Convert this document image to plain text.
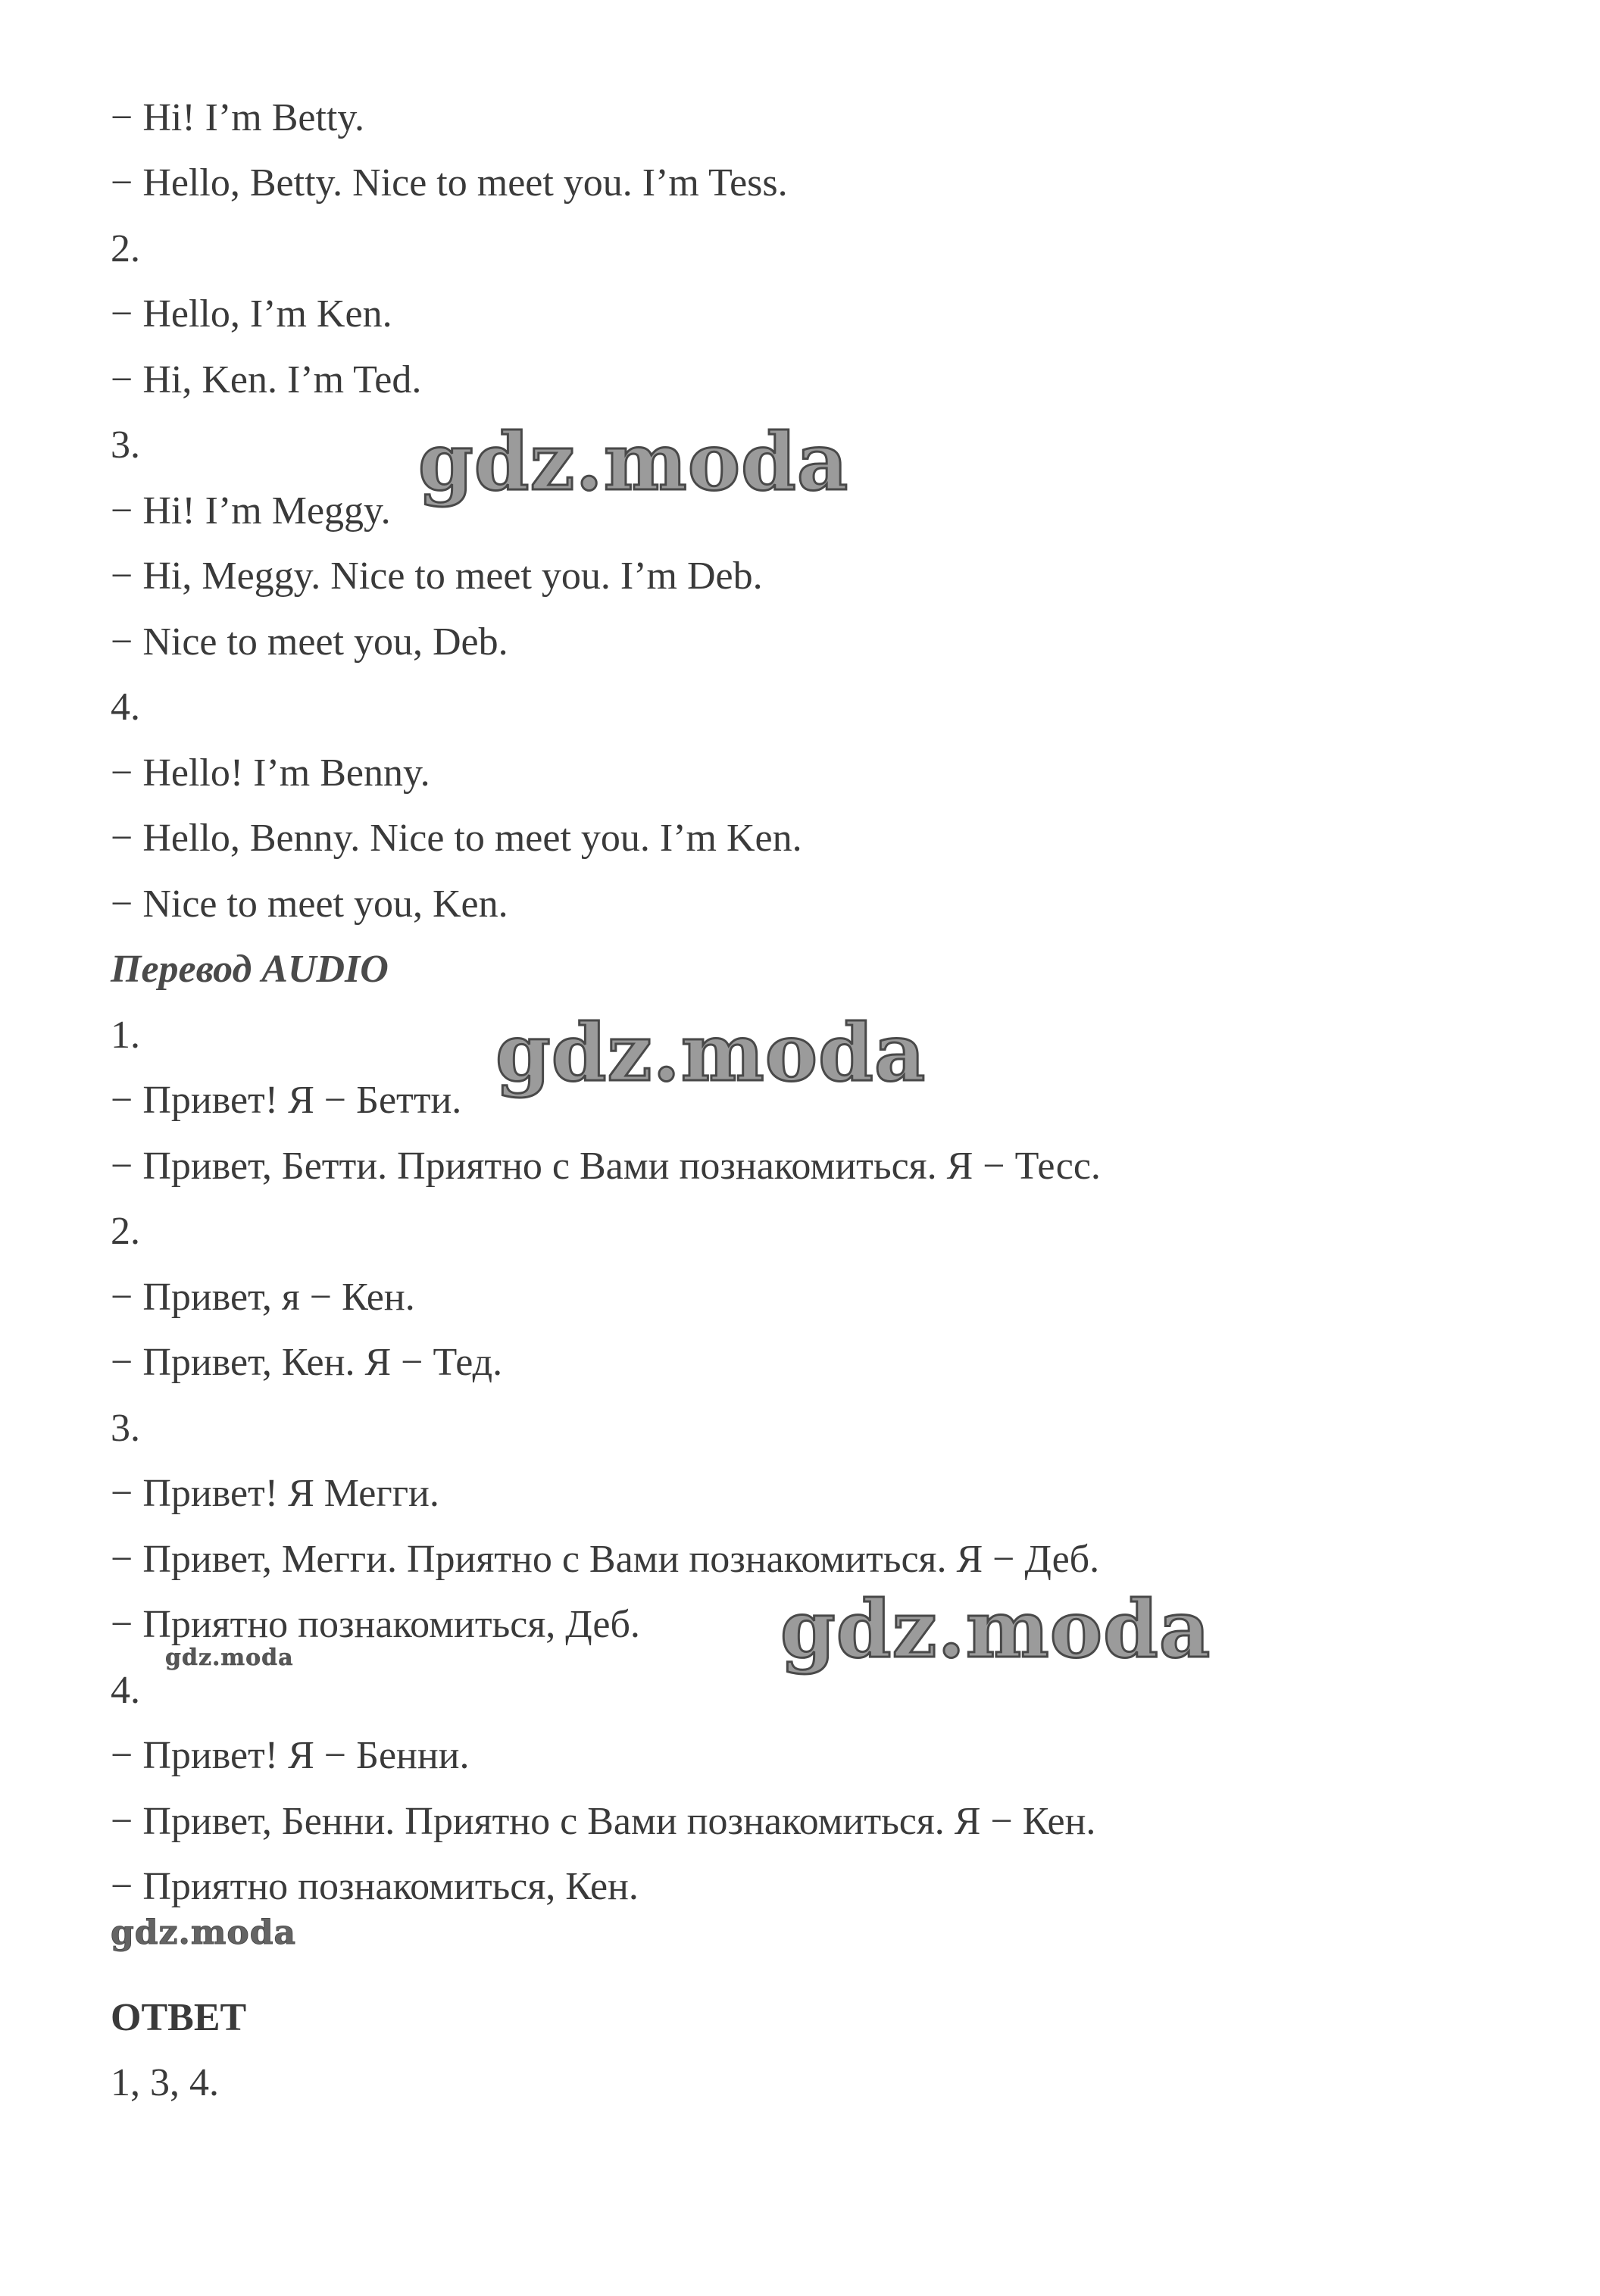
− Hi! I’m Betty.
− Hello, Betty. Nice to meet you. I’m Tess.
2.
− Hello, I’m Ken.
− Hi, Ken. I’m Ted.
3.
− Hi! I’m Meggy.
− Hi, Meggy. Nice to meet you. I’m Deb.
− Nice to meet you, Deb.
4.
− Hello! I’m Benny.
− Hello, Benny. Nice to meet you. I’m Ken.
− Nice to meet you, Ken.
Перевод AUDIO
1.
− Привет! Я − Бетти.
− Привет, Бетти. Приятно с Вами познакомиться. Я − Тесс.
2.
− Привет, я − Кен.
− Привет, Кен. Я − Тед.
3.
− Привет! Я Мегги.
− Привет, Мегги. Приятно с Вами познакомиться. Я − Деб.
− Приятно познакомиться, Деб.
4.
− Привет! Я − Бенни.
− Привет, Бенни. Приятно с Вами познакомиться. Я − Кен.
− Приятно познакомиться, Кен.
ОТВЕТ
1, 3, 4.
gdz.moda
gdz.moda
gdz.moda
gdz.moda
gdz.moda
